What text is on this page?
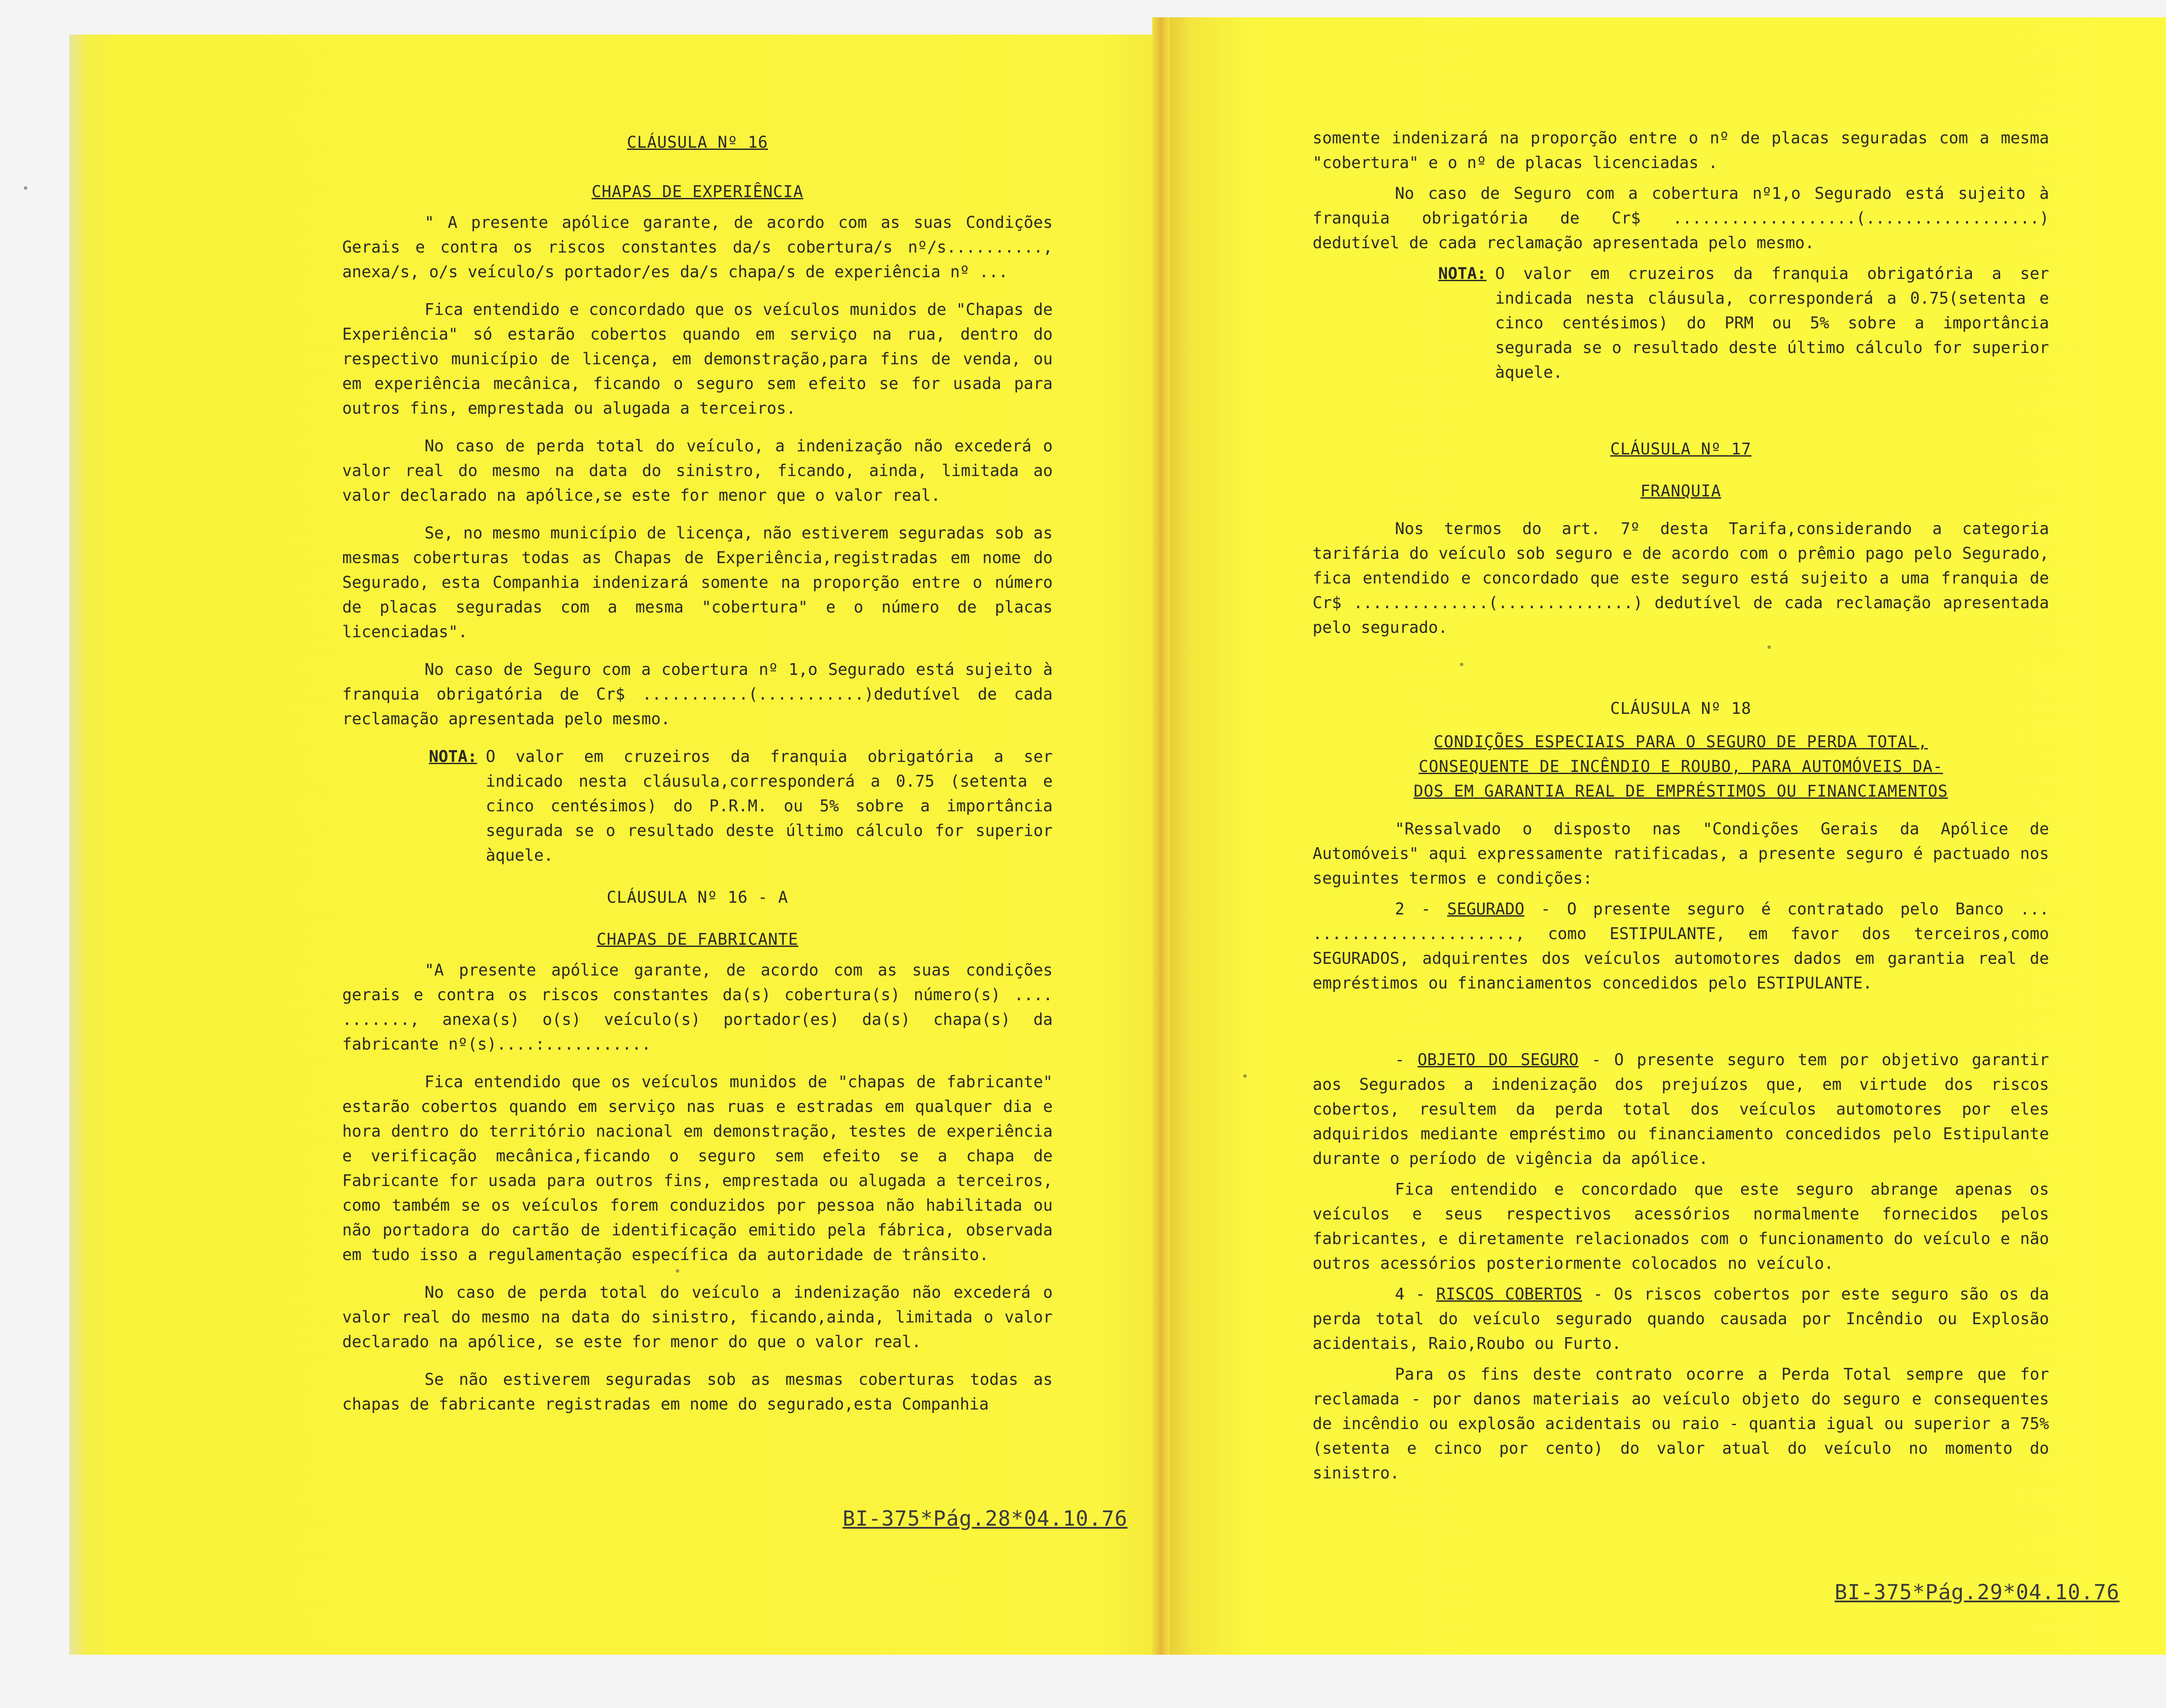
CLÁUSULA Nº 16
CHAPAS DE EXPERIÊNCIA
" A presente apólice garante, de acordo com as suas Condições Gerais e contra os riscos constantes da/s cobertura/s nº/s.........., anexa/s, o/s veículo/s portador/es da/s chapa/s de experiência nº ...
Fica entendido e concordado que os veículos munidos de "Chapas de Experiência" só estarão cobertos quando em serviço na rua, dentro do respectivo município de licença, em demonstração,para fins de venda, ou em experiência mecânica, ficando o seguro sem efeito se for usada para outros fins, emprestada ou alugada a terceiros.
No caso de perda total do veículo, a indenização não excederá o valor real do mesmo na data do sinistro, ficando, ainda, limitada ao valor declarado na apólice,se este for menor que o valor real.
Se, no mesmo município de licença, não estiverem seguradas sob as mesmas coberturas todas as Chapas de Experiência,registradas em nome do Segurado, esta Companhia indenizará somente na proporção entre o número de placas seguradas com a mesma "cobertura" e o número de placas licenciadas".
No caso de Seguro com a cobertura nº 1,o Segurado está sujeito à franquia obrigatória de Cr$ ...........(...........)dedutível de cada reclamação apresentada pelo mesmo.
NOTA: O valor em cruzeiros da franquia obrigatória a ser indicado nesta cláusula,corresponderá a 0.75 (setenta e cinco centésimos) do P.R.M. ou 5% sobre a importância segurada se o resultado deste último cálculo for superior àquele.
CLÁUSULA Nº 16 - A
CHAPAS DE FABRICANTE
"A presente apólice garante, de acordo com as suas condições gerais e contra os riscos constantes da(s) cobertura(s) número(s) .... ......., anexa(s) o(s) veículo(s) portador(es) da(s) chapa(s) da fabricante nº(s)....:...........
Fica entendido que os veículos munidos de "chapas de fabricante" estarão cobertos quando em serviço nas ruas e estradas em qualquer dia e hora dentro do território nacional em demonstração, testes de experiência e verificação mecânica,ficando o seguro sem efeito se a chapa de Fabricante for usada para outros fins, emprestada ou alugada a terceiros, como também se os veículos forem conduzidos por pessoa não habilitada ou não portadora do cartão de identificação emitido pela fábrica, observada em tudo isso a regulamentação específica da autoridade de trânsito.
No caso de perda total do veículo a indenização não excederá o valor real do mesmo na data do sinistro, ficando,ainda, limitada o valor declarado na apólice, se este for menor do que o valor real.
Se não estiverem seguradas sob as mesmas coberturas todas as chapas de fabricante registradas em nome do segurado,esta Companhia
BI-375*Pág.28*04.10.76
somente indenizará na proporção entre o nº de placas seguradas com a mesma "cobertura" e o nº de placas licenciadas .
No caso de Seguro com a cobertura nº1,o Segurado está sujeito à franquia obrigatória de Cr$ ...................(..................) dedutível de cada reclamação apresentada pelo mesmo.
NOTA: O valor em cruzeiros da franquia obrigatória a ser indicada nesta cláusula, corresponderá a 0.75(setenta e cinco centésimos) do PRM ou 5% sobre a importância segurada se o resultado deste último cálculo for superior àquele.
CLÁUSULA Nº 17
FRANQUIA
Nos termos do art. 7º desta Tarifa,considerando a categoria tarifária do veículo sob seguro e de acordo com o prêmio pago pelo Segurado, fica entendido e concordado que este seguro está sujeito a uma franquia de Cr$ ..............(..............) dedutível de cada reclamação apresentada pelo segurado.
CLÁUSULA Nº 18
CONDIÇÕES ESPECIAIS PARA O SEGURO DE PERDA TOTAL,
CONSEQUENTE DE INCÊNDIO E ROUBO, PARA AUTOMÓVEIS DA-
DOS EM GARANTIA REAL DE EMPRÉSTIMOS OU FINANCIAMENTOS
"Ressalvado o disposto nas "Condições Gerais da Apólice de Automóveis" aqui expressamente ratificadas, a presente seguro é pactuado nos seguintes termos e condições:
2 - SEGURADO - O presente seguro é contratado pelo Banco ... ....................., como ESTIPULANTE, em favor dos terceiros,como SEGURADOS, adquirentes dos veículos automotores dados em garantia real de empréstimos ou financiamentos concedidos pelo ESTIPULANTE.
- OBJETO DO SEGURO - O presente seguro tem por objetivo garantir aos Segurados a indenização dos prejuízos que, em virtude dos riscos cobertos, resultem da perda total dos veículos automotores por eles adquiridos mediante empréstimo ou financiamento concedidos pelo Estipulante durante o período de vigência da apólice.
Fica entendido e concordado que este seguro abrange apenas os veículos e seus respectivos acessórios normalmente fornecidos pelos fabricantes, e diretamente relacionados com o funcionamento do veículo e não outros acessórios posteriormente colocados no veículo.
4 - RISCOS COBERTOS - Os riscos cobertos por este seguro são os da perda total do veículo segurado quando causada por Incêndio ou Explosão acidentais, Raio,Roubo ou Furto.
Para os fins deste contrato ocorre a Perda Total sempre que for reclamada - por danos materiais ao veículo objeto do seguro e consequentes de incêndio ou explosão acidentais ou raio - quantia igual ou superior a 75% (setenta e cinco por cento) do valor atual do veículo no momento do sinistro.
BI-375*Pág.29*04.10.76
